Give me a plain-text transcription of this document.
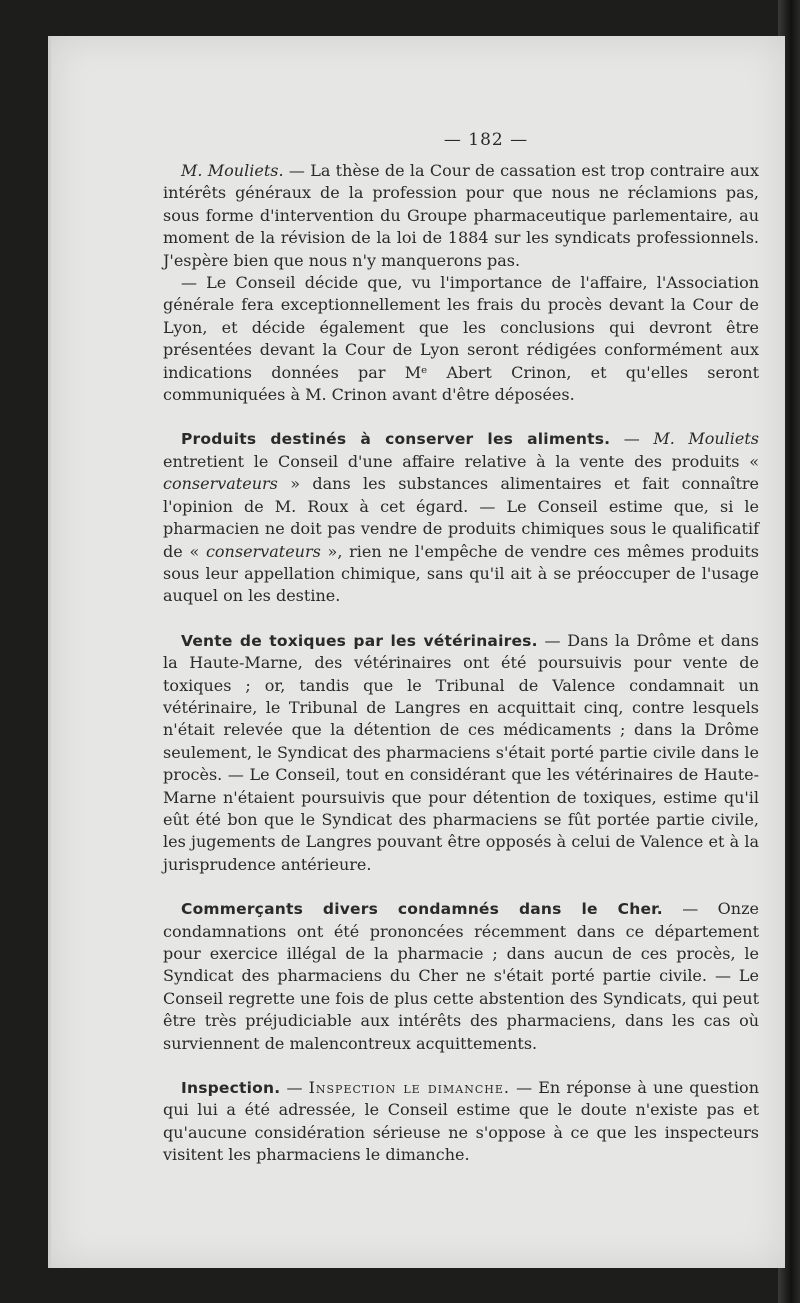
— 182 —

M. Mouliets. — La thèse de la Cour de cassation est trop contraire aux intérêts généraux de la profession pour que nous ne réclamions pas, sous forme d'intervention du Groupe pharmaceutique parlementaire, au moment de la révision de la loi de 1884 sur les syndicats professionnels. J'espère bien que nous n'y manquerons pas.

— Le Conseil décide que, vu l'importance de l'affaire, l'Association générale fera exceptionnellement les frais du procès devant la Cour de Lyon, et décide également que les conclusions qui devront être présentées devant la Cour de Lyon seront rédigées conformément aux indications données par Mᵉ Abert Crinon, et qu'elles seront communiquées à M. Crinon avant d'être déposées.

Produits destinés à conserver les aliments. — M. Mouliets entretient le Conseil d'une affaire relative à la vente des produits « conservateurs » dans les substances alimentaires et fait connaître l'opinion de M. Roux à cet égard. — Le Conseil estime que, si le pharmacien ne doit pas vendre de produits chimiques sous le qualificatif de « conservateurs », rien ne l'empêche de vendre ces mêmes produits sous leur appellation chimique, sans qu'il ait à se préoccuper de l'usage auquel on les destine.

Vente de toxiques par les vétérinaires. — Dans la Drôme et dans la Haute-Marne, des vétérinaires ont été poursuivis pour vente de toxiques ; or, tandis que le Tribunal de Valence condamnait un vétérinaire, le Tribunal de Langres en acquittait cinq, contre lesquels n'était relevée que la détention de ces médicaments ; dans la Drôme seulement, le Syndicat des pharmaciens s'était porté partie civile dans le procès. — Le Conseil, tout en considérant que les vétérinaires de Haute-Marne n'étaient poursuivis que pour détention de toxiques, estime qu'il eût été bon que le Syndicat des pharmaciens se fût portée partie civile, les jugements de Langres pouvant être opposés à celui de Valence et à la jurisprudence antérieure.

Commerçants divers condamnés dans le Cher. — Onze condamnations ont été prononcées récemment dans ce département pour exercice illégal de la pharmacie ; dans aucun de ces procès, le Syndicat des pharmaciens du Cher ne s'était porté partie civile. — Le Conseil regrette une fois de plus cette abstention des Syndicats, qui peut être très préjudiciable aux intérêts des pharmaciens, dans les cas où surviennent de malencontreux acquittements.

Inspection. — Inspection le dimanche. — En réponse à une question qui lui a été adressée, le Conseil estime que le doute n'existe pas et qu'aucune considération sérieuse ne s'oppose à ce que les inspecteurs visitent les pharmaciens le dimanche.
